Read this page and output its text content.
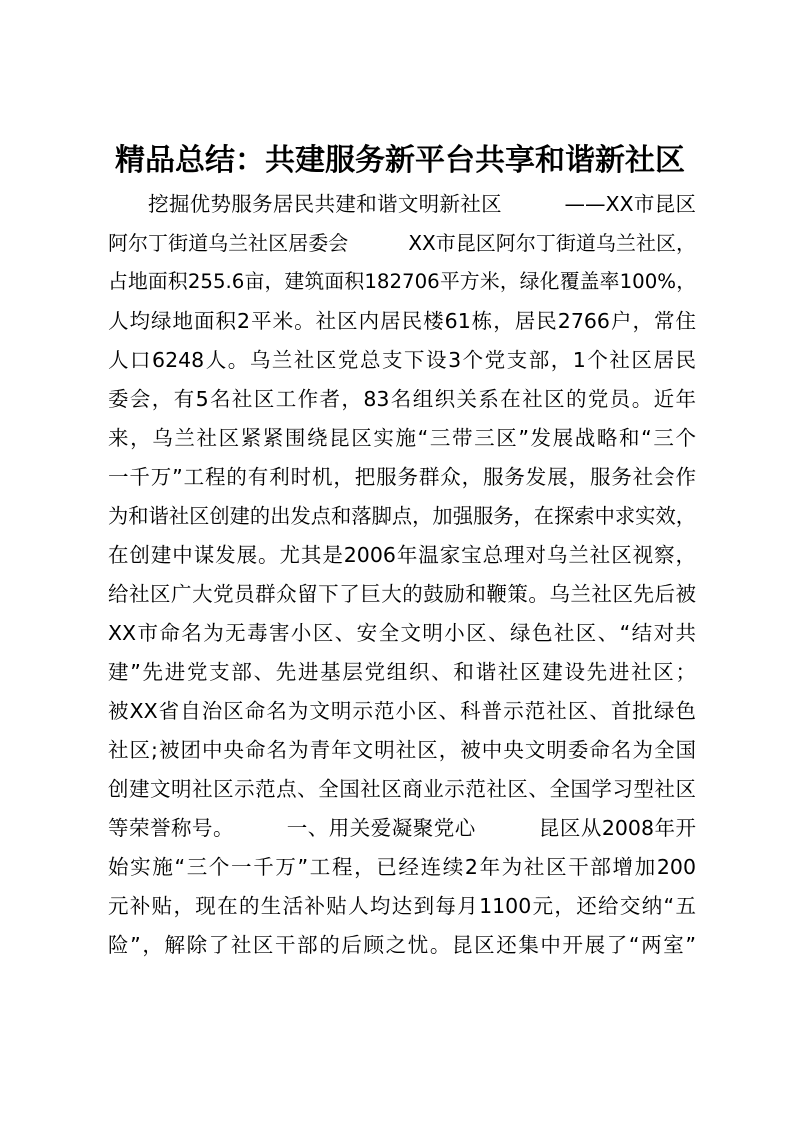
精品总结：共建服务新平台共享和谐新社区
挖掘优势服务居民共建和谐文明新社区　　　——XX市昆区
阿尔丁街道乌兰社区居委会　　　XX市昆区阿尔丁街道乌兰社区，
占地面积255.6亩，建筑面积182706平方米，绿化覆盖率100%，
人均绿地面积2平米。社区内居民楼61栋，居民2766户，常住
人口6248人。乌兰社区党总支下设3个党支部，1个社区居民
委会，有5名社区工作者，83名组织关系在社区的党员。近年
来，乌兰社区紧紧围绕昆区实施“三带三区”发展战略和“三个
一千万”工程的有利时机，把服务群众，服务发展，服务社会作
为和谐社区创建的出发点和落脚点，加强服务，在探索中求实效，
在创建中谋发展。尤其是2006年温家宝总理对乌兰社区视察，
给社区广大党员群众留下了巨大的鼓励和鞭策。乌兰社区先后被
XX市命名为无毒害小区、安全文明小区、绿色社区、“结对共
建”先进党支部、先进基层党组织、和谐社区建设先进社区；
被XX省自治区命名为文明示范小区、科普示范社区、首批绿色
社区;被团中央命名为青年文明社区，被中央文明委命名为全国
创建文明社区示范点、全国社区商业示范社区、全国学习型社区
等荣誉称号。　　　一、用关爱凝聚党心　　　昆区从2008年开
始实施“三个一千万”工程，已经连续2年为社区干部增加200
元补贴，现在的生活补贴人均达到每月1100元，还给交纳“五
险”，解除了社区干部的后顾之忧。昆区还集中开展了“两室”
